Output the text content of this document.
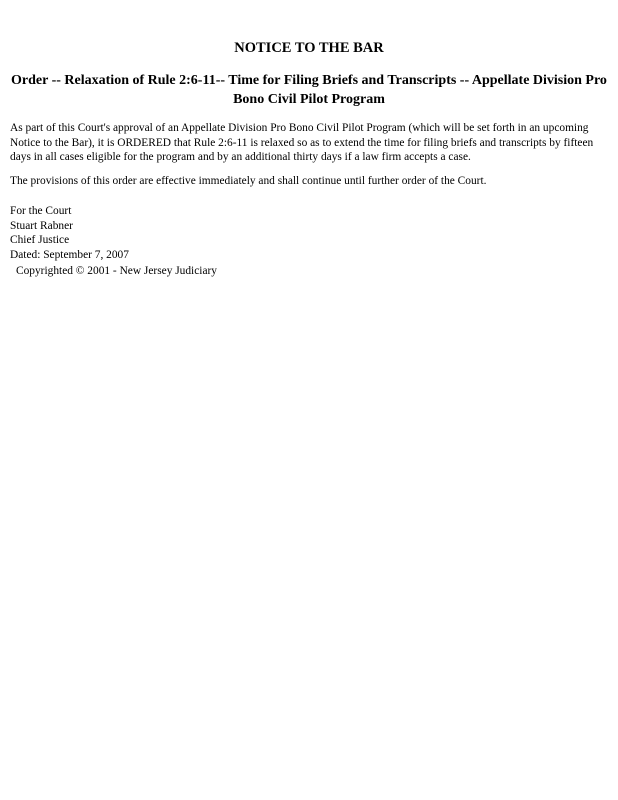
NOTICE TO THE BAR
Order -- Relaxation of Rule 2:6-11-- Time for Filing Briefs and Transcripts -- Appellate Division Pro Bono Civil Pilot Program

As part of this Court's approval of an Appellate Division Pro Bono Civil Pilot Program (which will be set forth in an upcoming Notice to the Bar), it is ORDERED that Rule 2:6-11 is relaxed so as to extend the time for filing briefs and transcripts by fifteen days in all cases eligible for the program and by an additional thirty days if a law firm accepts a case.

The provisions of this order are effective immediately and shall continue until further order of the Court.

For the Court
Stuart Rabner
Chief Justice
Dated: September 7, 2007

Copyrighted © 2001 - New Jersey Judiciary
